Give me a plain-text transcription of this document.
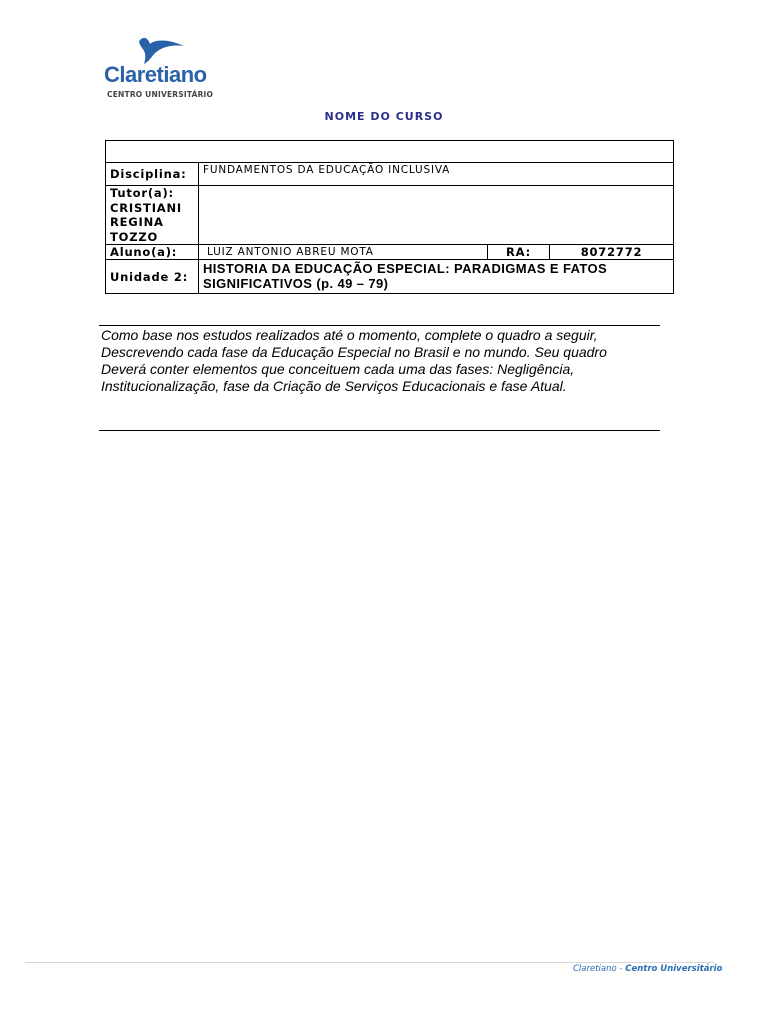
Claretiano
CENTRO UNIVERSITÁRIO
NOME DO CURSO

Disciplina:	FUNDAMENTOS DA EDUCAÇÃO INCLUSIVA		

Tutor(a):
CRISTIANI
REGINA
TOZZO			

Aluno(a):	LUIZ ANTONIO ABREU MOTA	RA:	8072772
Unidade 2:	HISTORIA DA EDUCAÇÃO ESPECIAL: PARADIGMAS E FATOS
SIGNIFICATIVOS (p. 49 – 79)		
Como base nos estudos realizados até o momento, complete o quadro a seguir,
Descrevendo cada fase da Educação Especial no Brasil e no mundo. Seu quadro
Deverá conter elementos que conceituem cada uma das fases: Negligência,
Institucionalização, fase da Criação de Serviços Educacionais e fase Atual.
Claretiano - Centro Universitário
